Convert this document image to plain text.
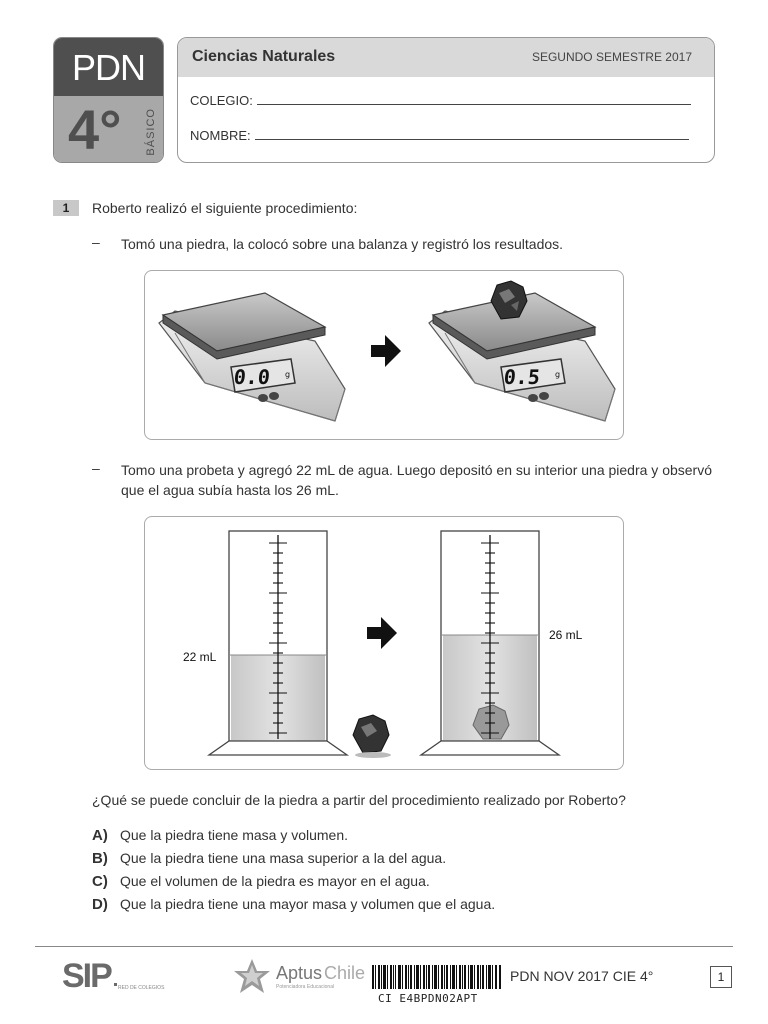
PDN
4° BÁSICO
Ciencias Naturales	SEGUNDO SEMESTRE 2017
COLEGIO:
NOMBRE:
1	Roberto realizó el siguiente procedimiento:
– Tomó una piedra, la colocó sobre una balanza y registró los resultados.
0.0 g	0.5 g
– Tomo una probeta y agregó 22 mL de agua. Luego depositó en su interior una piedra y observó que el agua subía hasta los 26 mL.
22 mL
26 mL
¿Qué se puede concluir de la piedra a partir del procedimiento realizado por Roberto?
A) Que la piedra tiene masa y volumen.
B) Que la piedra tiene una masa superior a la del agua.
C) Que el volumen de la piedra es mayor en el agua.
D) Que la piedra tiene una mayor masa y volumen que el agua.
SIP RED DE COLEGIOS
Aptus Chile
Potenciadora Educacional
CI E4BPDN02APT
PDN NOV 2017 CIE 4°	1
